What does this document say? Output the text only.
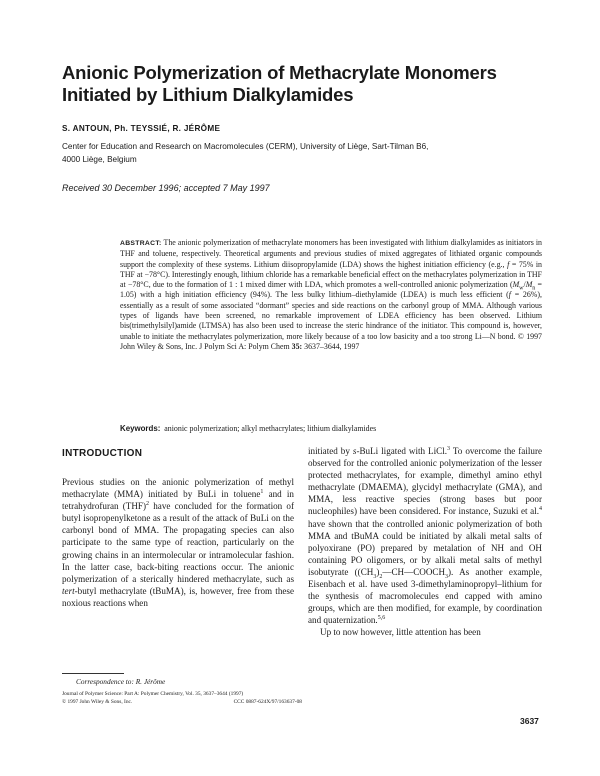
Anionic Polymerization of Methacrylate Monomers
Initiated by Lithium Dialkylamides
S. ANTOUN, Ph. TEYSSIÉ, R. JÉRÔME
Center for Education and Research on Macromolecules (CERM), University of Liège, Sart-Tilman B6,
4000 Liège, Belgium
Received 30 December 1996; accepted 7 May 1997
ABSTRACT: The anionic polymerization of methacrylate monomers has been investigated with lithium dialkylamides as initiators in THF and toluene, respectively. Theoretical arguments and previous studies of mixed aggregates of lithiated organic compounds support the complexity of these systems. Lithium diisopropylamide (LDA) shows the highest initiation efficiency (e.g., f = 75% in THF at −78°C). Interestingly enough, lithium chloride has a remarkable beneficial effect on the methacrylates polymerization in THF at −78°C, due to the formation of 1 : 1 mixed dimer with LDA, which promotes a well-controlled anionic polymerization $(M_w/M_n = 1.05)$ with a high initiation efficiency (94%). The less bulky lithium–diethylamide (LDEA) is much less efficient (f = 26%), essentially as a result of some associated “dormant” species and side reactions on the carbonyl group of MMA. Although various types of ligands have been screened, no remarkable improvement of LDEA efficiency has been observed. Lithium bis(trimethylsilyl)amide (LTMSA) has also been used to increase the steric hindrance of the initiator. This compound is, however, unable to initiate the methacrylates polymerization, more likely because of a too low basicity and a too strong Li—N bond. © 1997 John Wiley & Sons, Inc. J Polym Sci A: Polym Chem 35: 3637–3644, 1997
Keywords: anionic polymerization; alkyl methacrylates; lithium dialkylamides
INTRODUCTION

Previous studies on the anionic polymerization of methyl methacrylate (MMA) initiated by BuLi in toluene$^1$ and in tetrahydrofuran (THF)$^2$ have concluded for the formation of butyl isopropenylketone as a result of the attack of BuLi on the carbonyl bond of MMA. The propagating species can also participate to the same type of reaction, particularly on the growing chains in an intermolecular or intramolecular fashion. In the latter case, back-biting reactions occur. The anionic polymerization of a sterically hindered methacrylate, such as tert-butyl methacrylate (tBuMA), is, however, free from these noxious reactions when

initiated by s-BuLi ligated with LiCl.$^3$ To overcome the failure observed for the controlled anionic polymerization of the lesser protected methacrylates, for example, dimethyl amino ethyl methacrylate (DMAEMA), glycidyl methacrylate (GMA), and MMA, less reactive species (strong bases but poor nucleophiles) have been considered. For instance, Suzuki et al.$^4$ have shown that the controlled anionic polymerization of both MMA and tBuMA could be initiated by alkali metal salts of polyoxirane (PO) prepared by metalation of NH and OH containing PO oligomers, or by alkali metal salts of methyl isobutyrate $((CH_3)_2—CH—COOCH_3)$. As another example, Eisenbach et al. have used 3-dimethylaminopropyl–lithium for the synthesis of macromolecules end capped with amino groups, which are then modified, for example, by coordination and quaternization.$^{5,6}$

Up to now however, little attention has been

Correspondence to: R. Jérôme
Journal of Polymer Science: Part A: Polymer Chemistry, Vol. 35, 3637–3644 (1997)
© 1997 John Wiley & Sons, Inc.	CCC 0887-624X/97/163637-08
3637
